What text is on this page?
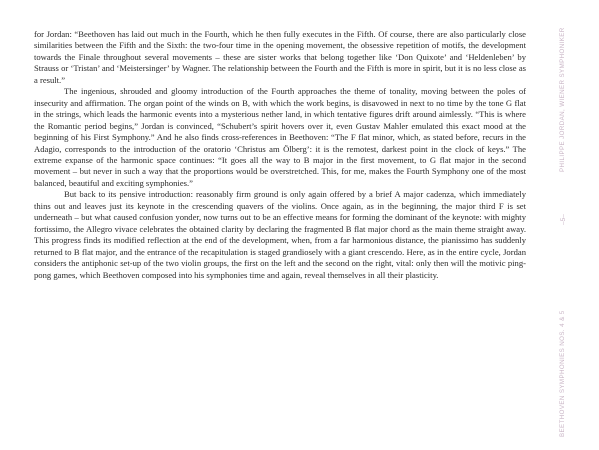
for Jordan: “Beethoven has laid out much in the Fourth, which he then fully executes in the Fifth. Of course, there are also particularly close similarities between the Fifth and the Sixth: the two-four time in the opening movement, the obsessive repetition of motifs, the development towards the Finale throughout several movements – these are sister works that belong together like ‘Don Quixote’ and ‘Heldenleben’ by Strauss or ‘Tristan’ and ‘Meistersinger’ by Wagner. The relationship between the Fourth and the Fifth is more in spirit, but it is no less close as a result.”

The ingenious, shrouded and gloomy introduction of the Fourth approaches the theme of tonality, moving between the poles of insecurity and affirmation. The organ point of the winds on B, with which the work begins, is disavowed in next to no time by the tone G flat in the strings, which leads the harmonic events into a mysterious nether land, in which tentative figures drift around aimlessly. “This is where the Romantic period begins,” Jordan is convinced, “Schubert’s spirit hovers over it, even Gustav Mahler emulated this exact mood at the beginning of his First Symphony.” And he also finds cross-references in Beethoven: “The F flat minor, which, as stated before, recurs in the Adagio, corresponds to the introduction of the oratorio ‘Christus am Ölberg’: it is the remotest, darkest point in the clock of keys.” The extreme expanse of the harmonic space continues: “It goes all the way to B major in the first movement, to G flat major in the second movement – but never in such a way that the proportions would be overstretched. This, for me, makes the Fourth Symphony one of the most balanced, beautiful and exciting symphonies.”

But back to its pensive introduction: reasonably firm ground is only again offered by a brief A major cadenza, which immediately thins out and leaves just its keynote in the crescending quavers of the violins. Once again, as in the beginning, the major third F is set underneath – but what caused confusion yonder, now turns out to be an effective means for forming the dominant of the keynote: with mighty fortissimo, the Allegro vivace celebrates the obtained clarity by declaring the fragmented B flat major chord as the main theme straight away. This progress finds its modified reflection at the end of the development, when, from a far harmonious distance, the pianissimo has suddenly returned to B flat major, and the entrance of the recapitulation is staged grandiosely with a giant crescendo. Here, as in the entire cycle, Jordan considers the antiphonic set-up of the two violin groups, the first on the left and the second on the right, vital: only then will the motivic ping-pong games, which Beethoven composed into his symphonies time and again, reveal themselves in all their plasticity.

PHILIPPE JORDAN, WIENER SYMPHONIKER
–5–
BEETHOVEN SYMPHONIES NOS. 4 & 5
